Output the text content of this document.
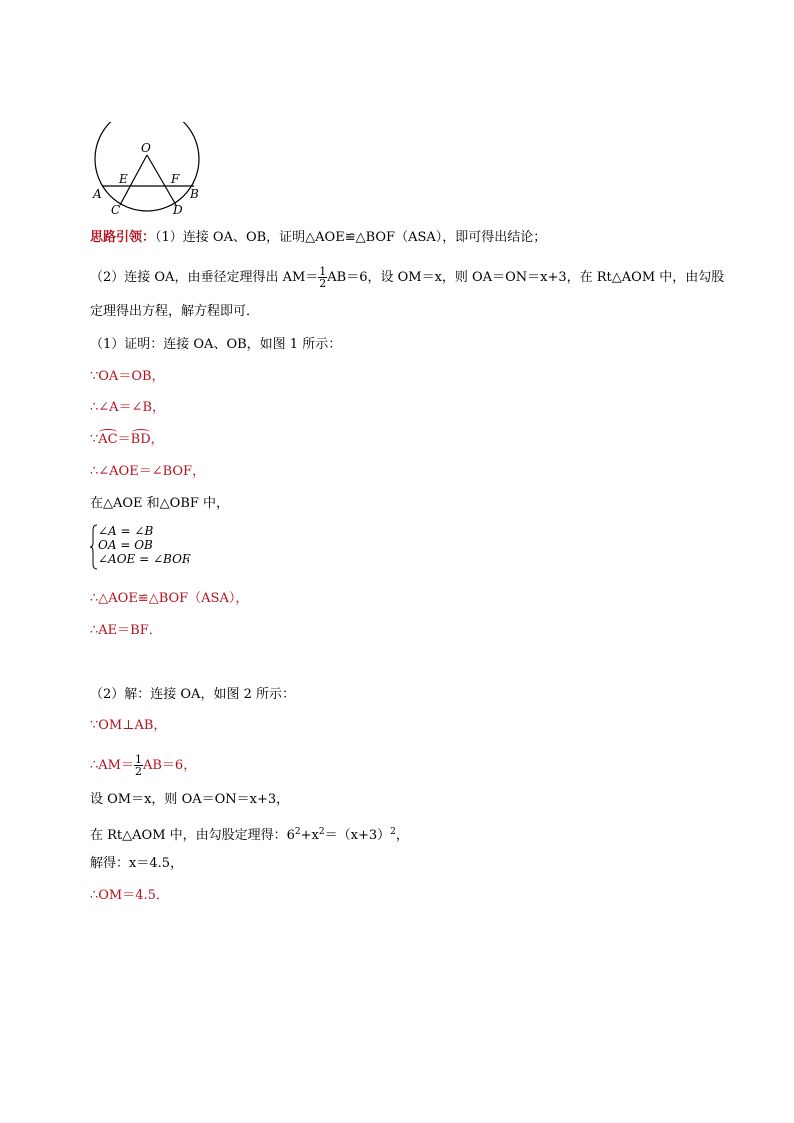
O
E	F
A	B
C	D
思路引领：（1）连接 OA、OB，证明△AOE≌△BOF（ASA），即可得出结论；
（2）连接 OA，由垂径定理得出 $AM= \frac{1}{2} AB=6$，设 OM＝x，则 OA＝ON＝x+3，在 Rt△AOM 中，由勾股
定理得出方程，解方程即可．
（1）证明：连接 OA、OB，如图 1 所示：
∵OA＝OB，
∴∠A＝∠B，
∵AC＝BD，
∴∠AOE＝∠BOF，
在△AOE 和△OBF 中，
∠A = ∠B
OA = OB
∠AOE = ∠BOF
，
∴△AOE≌△BOF（ASA），
∴AE＝BF．
（2）解：连接 OA，如图 2 所示：
∵OM⊥AB，
∴AM＝ $\frac{1}{2} AB=6$，
设 OM＝x，则 OA＝ON＝x+3，
在 Rt△AOM 中，由勾股定理得：$6^2+x^2=(x+3)^2$，
解得：x＝4.5，
∴OM＝4.5．
